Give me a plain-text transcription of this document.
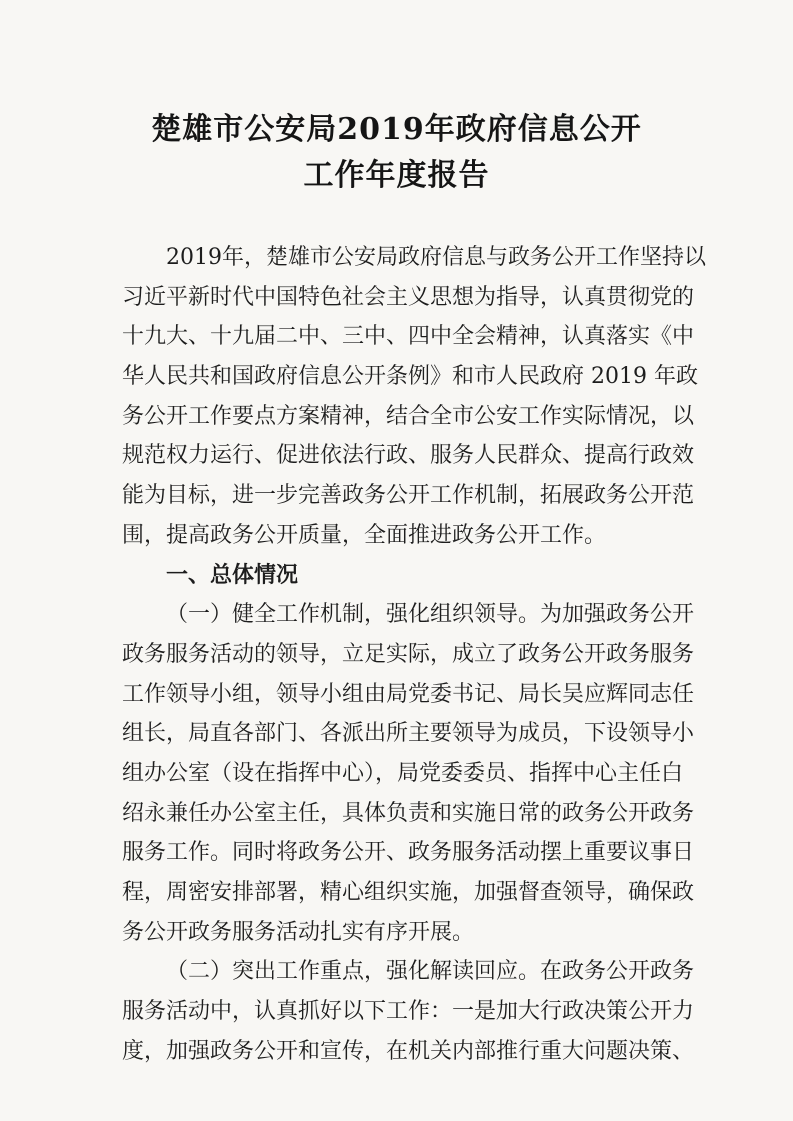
楚雄市公安局2019年政府信息公开
工作年度报告
2019年，楚雄市公安局政府信息与政务公开工作坚持以
习近平新时代中国特色社会主义思想为指导，认真贯彻党的
十九大、十九届二中、三中、四中全会精神，认真落实《中
华人民共和国政府信息公开条例》和市人民政府 2019 年政
务公开工作要点方案精神，结合全市公安工作实际情况，以
规范权力运行、促进依法行政、服务人民群众、提高行政效
能为目标，进一步完善政务公开工作机制，拓展政务公开范
围，提高政务公开质量，全面推进政务公开工作。
一、总体情况
（一）健全工作机制，强化组织领导。为加强政务公开
政务服务活动的领导，立足实际，成立了政务公开政务服务
工作领导小组，领导小组由局党委书记、局长吴应辉同志任
组长，局直各部门、各派出所主要领导为成员，下设领导小
组办公室（设在指挥中心），局党委委员、指挥中心主任白
绍永兼任办公室主任，具体负责和实施日常的政务公开政务
服务工作。同时将政务公开、政务服务活动摆上重要议事日
程，周密安排部署，精心组织实施，加强督查领导，确保政
务公开政务服务活动扎实有序开展。
（二）突出工作重点，强化解读回应。在政务公开政务
服务活动中，认真抓好以下工作：一是加大行政决策公开力
度，加强政务公开和宣传，在机关内部推行重大问题决策、
